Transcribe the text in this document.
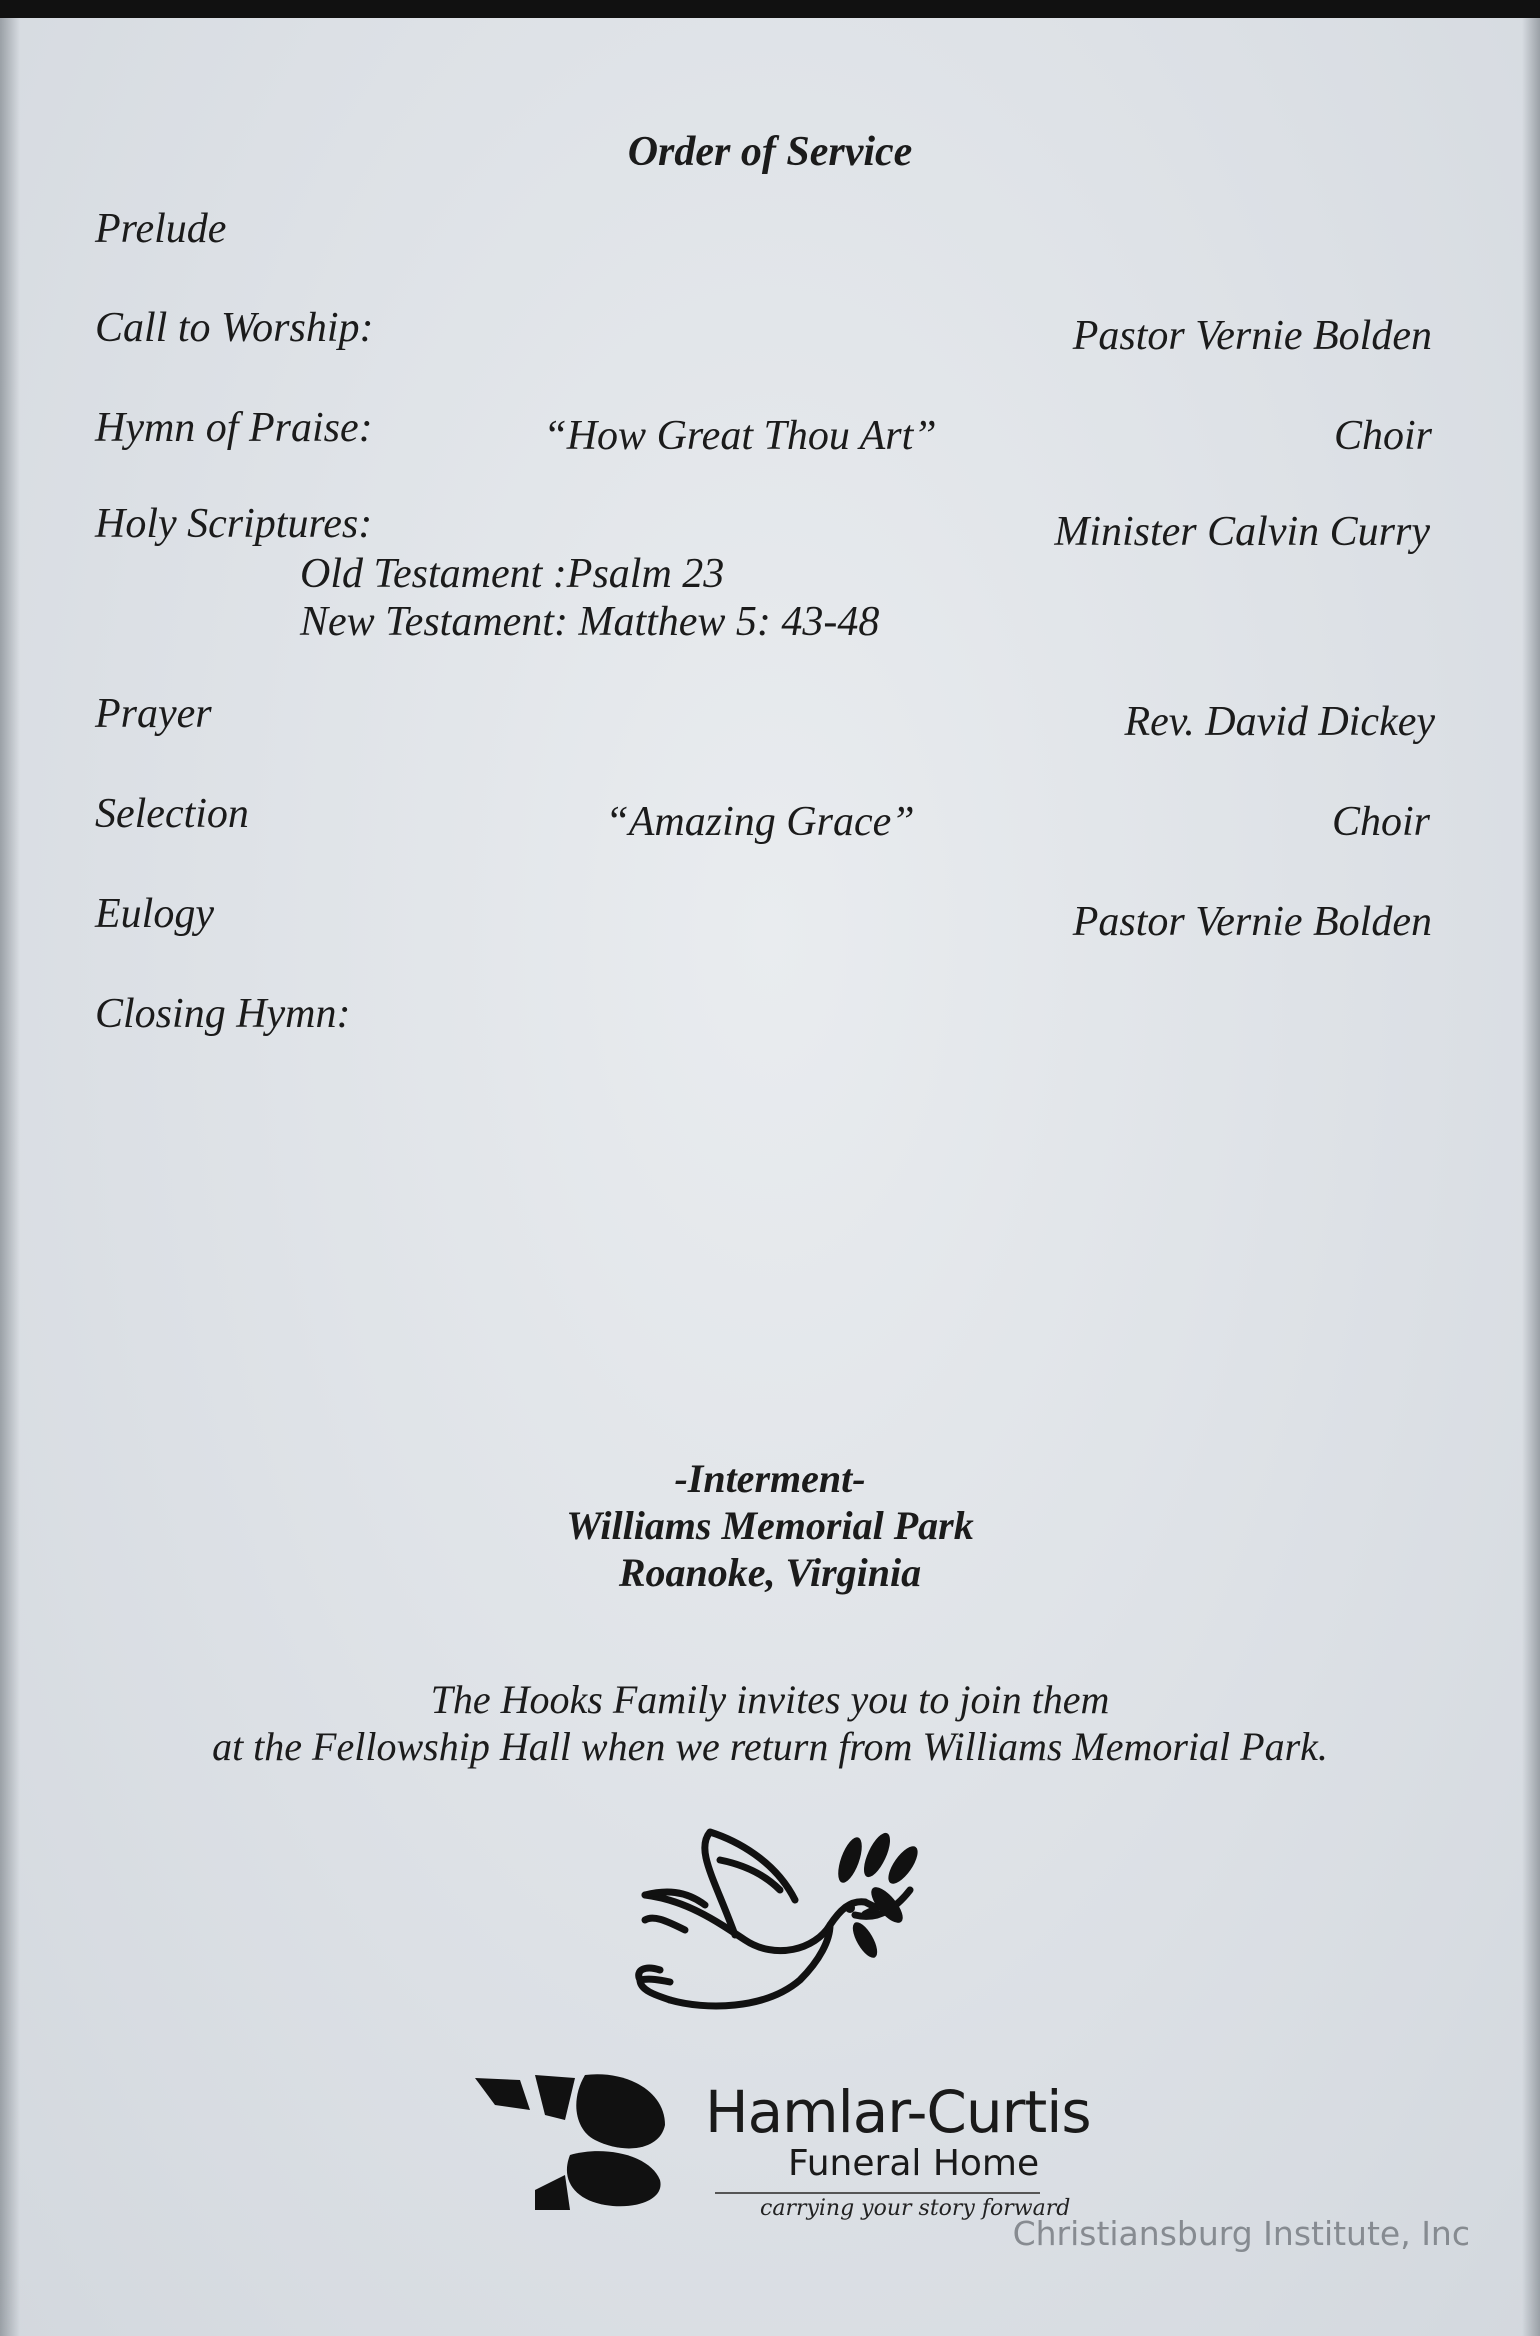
Order of Service
Prelude
Call to Worship:	Pastor Vernie Bolden
Hymn of Praise:	“How Great Thou Art”	Choir
Holy Scriptures:	Minister Calvin Curry
Old Testament :Psalm 23
New Testament: Matthew 5: 43-48
Prayer	Rev. David Dickey
Selection	“Amazing Grace”	Choir
Eulogy	Pastor Vernie Bolden
Closing Hymn:
-Interment-
Williams Memorial Park
Roanoke, Virginia
The Hooks Family invites you to join them
at the Fellowship Hall when we return from Williams Memorial Park.
Hamlar-Curtis
Funeral Home
carrying your story forward
Christiansburg Institute, Inc
